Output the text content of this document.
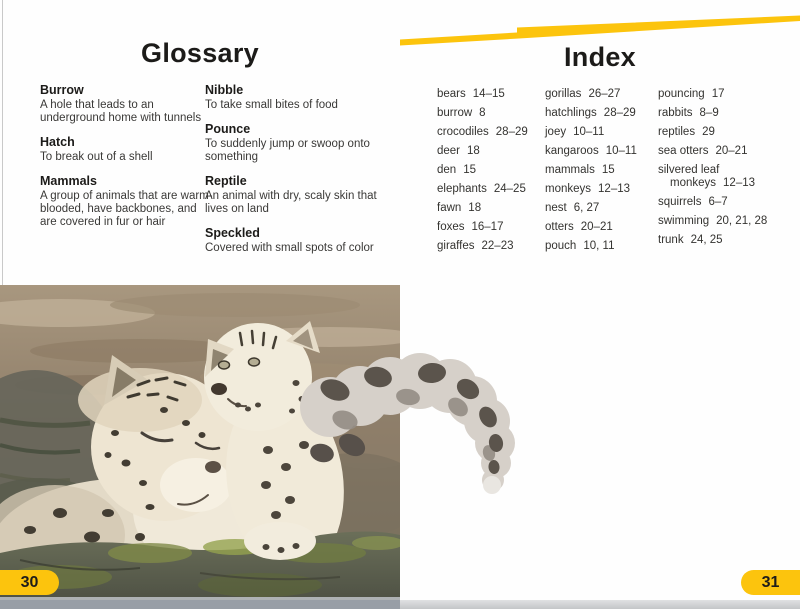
Glossary	Index
Burrow
A hole that leads to an underground home with tunnels
Hatch
To break out of a shell
Mammals
A group of animals that are warm-blooded, have backbones, and are covered in fur or hair
Nibble
To take small bites of food
Pounce
To suddenly jump or swoop onto something
Reptile
An animal with dry, scaly skin that lives on land
Speckled
Covered with small spots of color
bears 14–15
burrow 8
crocodiles 28–29
deer 18
den 15
elephants 24–25
fawn 18
foxes 16–17
giraffes 22–23
gorillas 26–27
hatchlings 28–29
joey 10–11
kangaroos 10–11
mammals 15
monkeys 12–13
nest 6, 27
otters 20–21
pouch 10, 11
pouncing 17
rabbits 8–9
reptiles 29
sea otters 20–21
silvered leaf monkeys 12–13
squirrels 6–7
swimming 20, 21, 28
trunk 24, 25
30	31
